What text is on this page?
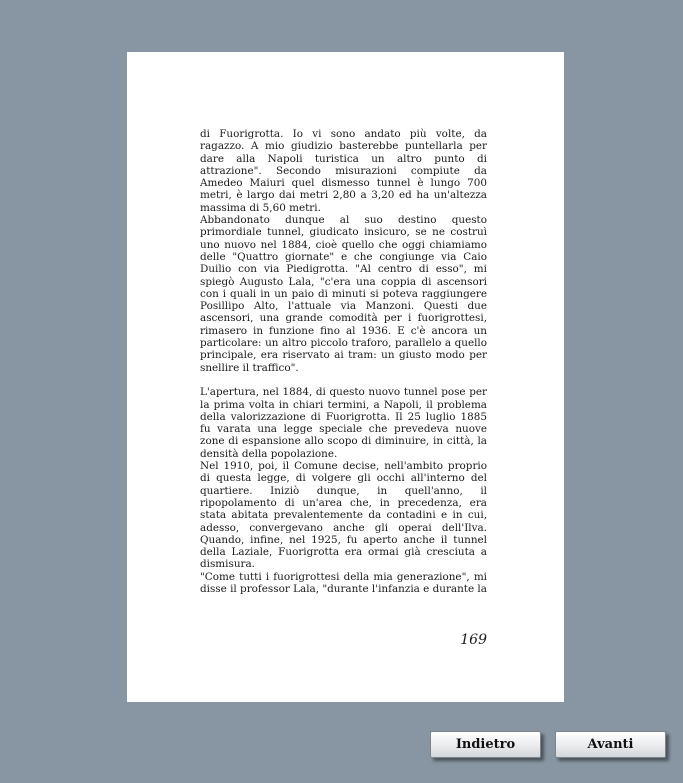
di Fuorigrotta. Io vi sono andato più volte, da ragazzo. A mio giudizio basterebbe puntellarla per dare alla Napoli turistica un altro punto di attrazione". Secondo misurazioni compiute da Amedeo Maiuri quel dismesso tunnel è lungo 700 metri, è largo dai metri 2,80 a 3,20 ed ha un'altezza massima di 5,60 metri.

Abbandonato dunque al suo destino questo primordiale tunnel, giudicato insicuro, se ne costruì uno nuovo nel 1884, cioè quello che oggi chiamiamo delle "Quattro giornate" e che congiunge via Caio Duilio con via Piedigrotta. "Al centro di esso", mi spiegò Augusto Lala, "c'era una coppia di ascensori con i quali in un paio di minuti si poteva raggiungere Posillipo Alto, l'attuale via Manzoni. Questi due ascensori, una grande comodità per i fuorigrottesi, rimasero in funzione fino al 1936. E c'è ancora un particolare: un altro piccolo traforo, parallelo a quello principale, era riservato ai tram: un giusto modo per snellire il traffico".

L'apertura, nel 1884, di questo nuovo tunnel pose per la prima volta in chiari termini, a Napoli, il problema della valorizzazione di Fuorigrotta. Il 25 luglio 1885 fu varata una legge speciale che prevedeva nuove zone di espansione allo scopo di diminuire, in città, la densità della popolazione.

Nel 1910, poi, il Comune decise, nell'ambito proprio di questa legge, di volgere gli occhi all'interno del quartiere. Iniziò dunque, in quell'anno, il ripopolamento di un'area che, in precedenza, era stata abitata prevalentemente da contadini e in cui, adesso, convergevano anche gli operai dell'Ilva. Quando, infine, nel 1925, fu aperto anche il tunnel della Laziale, Fuorigrotta era ormai già cresciuta a dismisura.

"Come tutti i fuorigrottesi della mia generazione", mi disse il professor Lala, "durante l'infanzia e durante la

169
Indietro	Avanti
